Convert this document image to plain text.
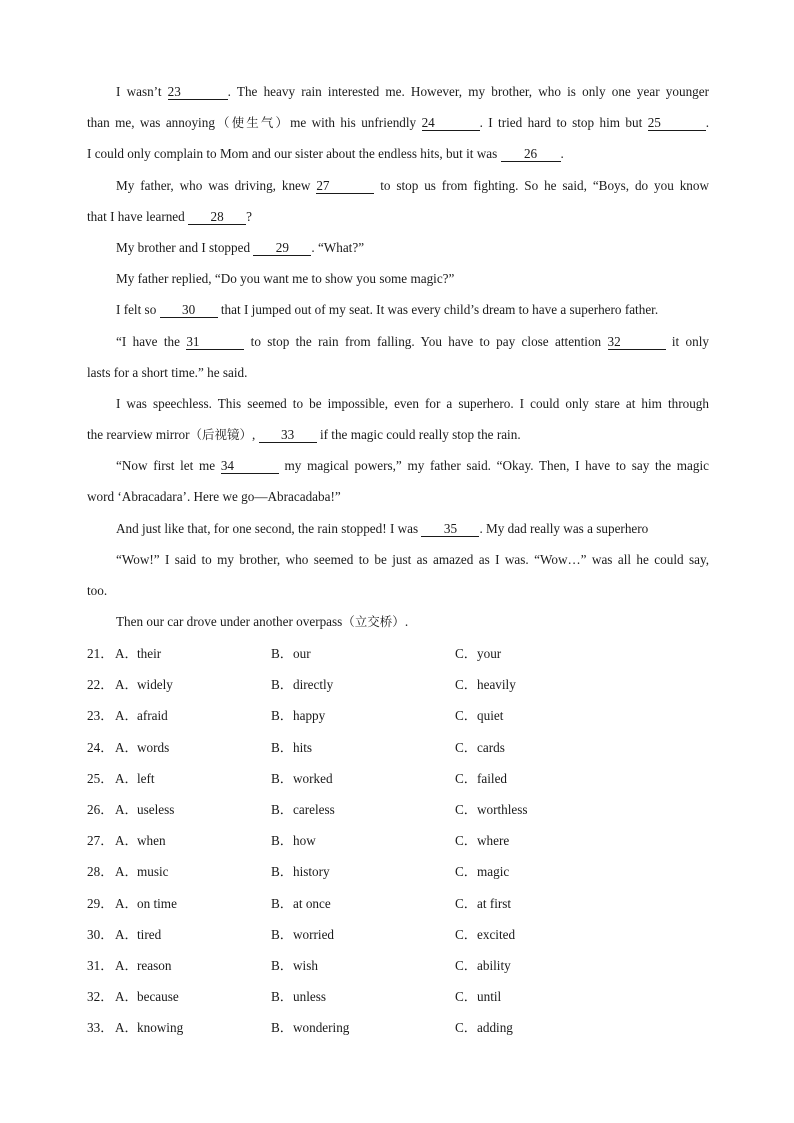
I wasn’t 23	. The heavy rain interested me. However, my brother, who is only one year younger
than me, was annoying（使生气）me with his unfriendly 24	. I tried hard to stop him but 25	.
I could only complain to Mom and our sister about the endless hits, but it was 26 .
My father, who was driving, knew 27	to stop us from fighting. So he said, “Boys, do you know
that I have learned 28 ?
My brother and I stopped 29 . “What?”
My father replied, “Do you want me to show you some magic?”
I felt so 30 that I jumped out of my seat. It was every child’s dream to have a superhero father.
“I have the 31	to stop the rain from falling. You have to pay close attention 32	it only
lasts for a short time.” he said.
I was speechless. This seemed to be impossible, even for a superhero. I could only stare at him through
the rearview mirror（后视镜）, 33 if the magic could really stop the rain.
“Now first let me 34	my magical powers,” my father said. “Okay. Then, I have to say the magic
word ‘Abracadara’. Here we go—Abracadaba!”
And just like that, for one second, the rain stopped! I was 35 . My dad really was a superhero
“Wow!” I said to my brother, who seemed to be just as amazed as I was. “Wow…” was all he could say,
too.
Then our car drove under another overpass（立交桥）.
21． A．their	B．our	C．your
22． A．widely	B．directly	C．heavily
23． A．afraid	B．happy	C．quiet
24． A．words	B．hits	C．cards
25． A．left	B．worked	C．failed
26． A．useless	B．careless	C．worthless
27． A．when	B．how	C．where
28． A．music	B．history	C．magic
29． A．on time	B．at once	C．at first
30． A．tired	B．worried	C．excited
31． A．reason	B．wish	C．ability
32． A．because	B．unless	C．until
33． A．knowing	B．wondering	C．adding
